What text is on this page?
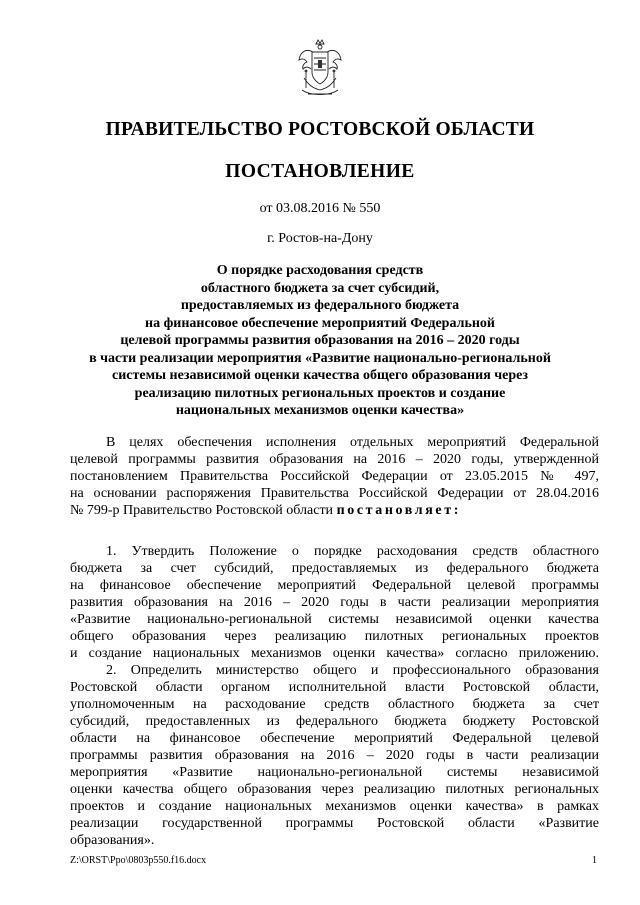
ПРАВИТЕЛЬСТВО РОСТОВСКОЙ ОБЛАСТИ
ПОСТАНОВЛЕНИЕ
от 03.08.2016 № 550
г. Ростов-на-Дону
О порядке расходования средств
областного бюджета за счет субсидий,
предоставляемых из федерального бюджета
на финансовое обеспечение мероприятий Федеральной
целевой программы развития образования на 2016 – 2020 годы
в части реализации мероприятия «Развитие национально-региональной
системы независимой оценки качества общего образования через
реализацию пилотных региональных проектов и создание
национальных механизмов оценки качества»
В целях обеспечения исполнения отдельных мероприятий Федеральной
целевой программы развития образования на 2016 – 2020 годы, утвержденной
постановлением Правительства Российской Федерации от 23.05.2015 № 497,
на основании распоряжения Правительства Российской Федерации от 28.04.2016
№ 799-р Правительство Ростовской области постановляет:
1. Утвердить Положение о порядке расходования средств областного
бюджета за счет субсидий, предоставляемых из федерального бюджета
на финансовое обеспечение мероприятий Федеральной целевой программы
развития образования на 2016 – 2020 годы в части реализации мероприятия
«Развитие национально-региональной системы независимой оценки качества
общего образования через реализацию пилотных региональных проектов
и создание национальных механизмов оценки качества» согласно приложению.
2. Определить министерство общего и профессионального образования
Ростовской области органом исполнительной власти Ростовской области,
уполномоченным на расходование средств областного бюджета за счет
субсидий, предоставленных из федерального бюджета бюджету Ростовской
области на финансовое обеспечение мероприятий Федеральной целевой
программы развития образования на 2016 – 2020 годы в части реализации
мероприятия «Развитие национально-региональной системы независимой
оценки качества общего образования через реализацию пилотных региональных
проектов и создание национальных механизмов оценки качества» в рамках
реализации государственной программы Ростовской области «Развитие
образования».
Z:\ORST\Ppo\0803p550.f16.docx	1
